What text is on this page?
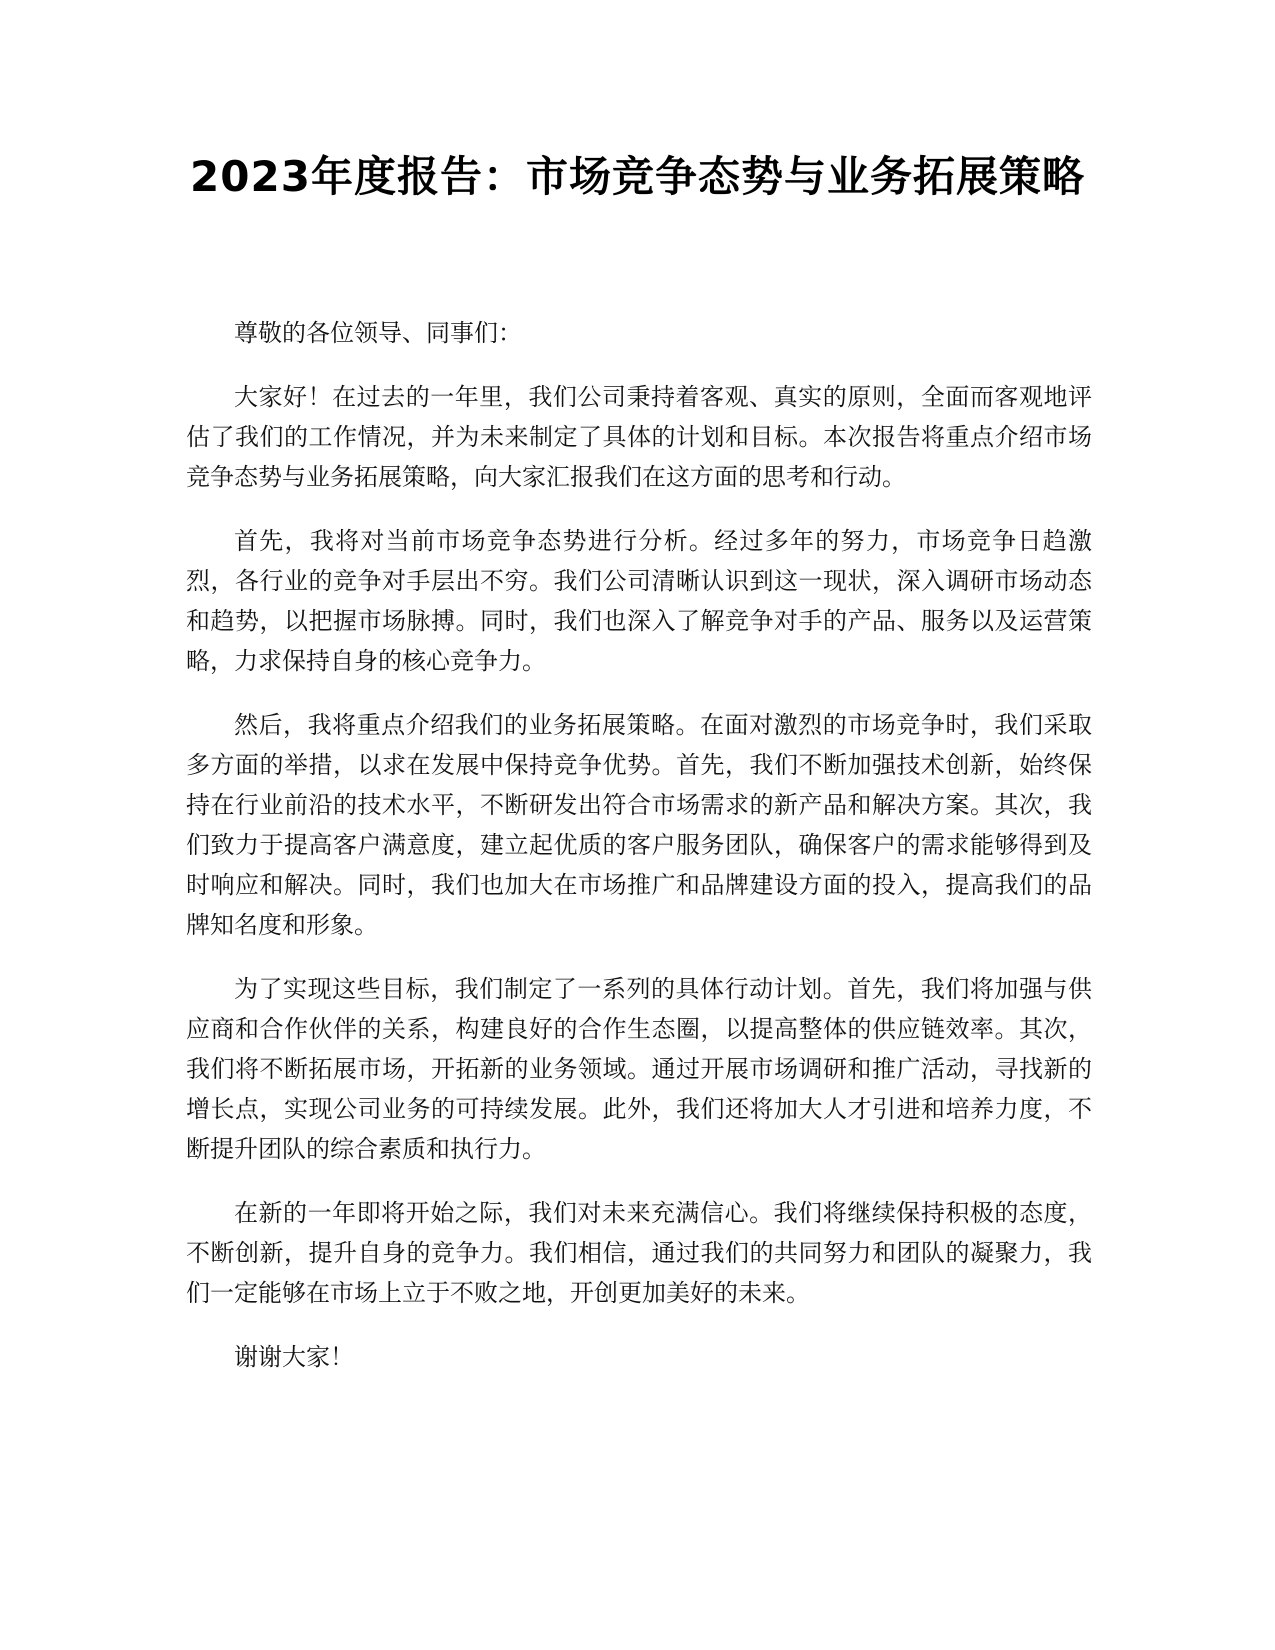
2023年度报告：市场竞争态势与业务拓展策略

尊敬的各位领导、同事们：

大家好！在过去的一年里，我们公司秉持着客观、真实的原则，全面而客观地评估了我们的工作情况，并为未来制定了具体的计划和目标。本次报告将重点介绍市场竞争态势与业务拓展策略，向大家汇报我们在这方面的思考和行动。

首先，我将对当前市场竞争态势进行分析。经过多年的努力，市场竞争日趋激烈，各行业的竞争对手层出不穷。我们公司清晰认识到这一现状，深入调研市场动态和趋势，以把握市场脉搏。同时，我们也深入了解竞争对手的产品、服务以及运营策略，力求保持自身的核心竞争力。

然后，我将重点介绍我们的业务拓展策略。在面对激烈的市场竞争时，我们采取多方面的举措，以求在发展中保持竞争优势。首先，我们不断加强技术创新，始终保持在行业前沿的技术水平，不断研发出符合市场需求的新产品和解决方案。其次，我们致力于提高客户满意度，建立起优质的客户服务团队，确保客户的需求能够得到及时响应和解决。同时，我们也加大在市场推广和品牌建设方面的投入，提高我们的品牌知名度和形象。

为了实现这些目标，我们制定了一系列的具体行动计划。首先，我们将加强与供应商和合作伙伴的关系，构建良好的合作生态圈，以提高整体的供应链效率。其次，我们将不断拓展市场，开拓新的业务领域。通过开展市场调研和推广活动，寻找新的增长点，实现公司业务的可持续发展。此外，我们还将加大人才引进和培养力度，不断提升团队的综合素质和执行力。

在新的一年即将开始之际，我们对未来充满信心。我们将继续保持积极的态度，不断创新，提升自身的竞争力。我们相信，通过我们的共同努力和团队的凝聚力，我们一定能够在市场上立于不败之地，开创更加美好的未来。

谢谢大家！
